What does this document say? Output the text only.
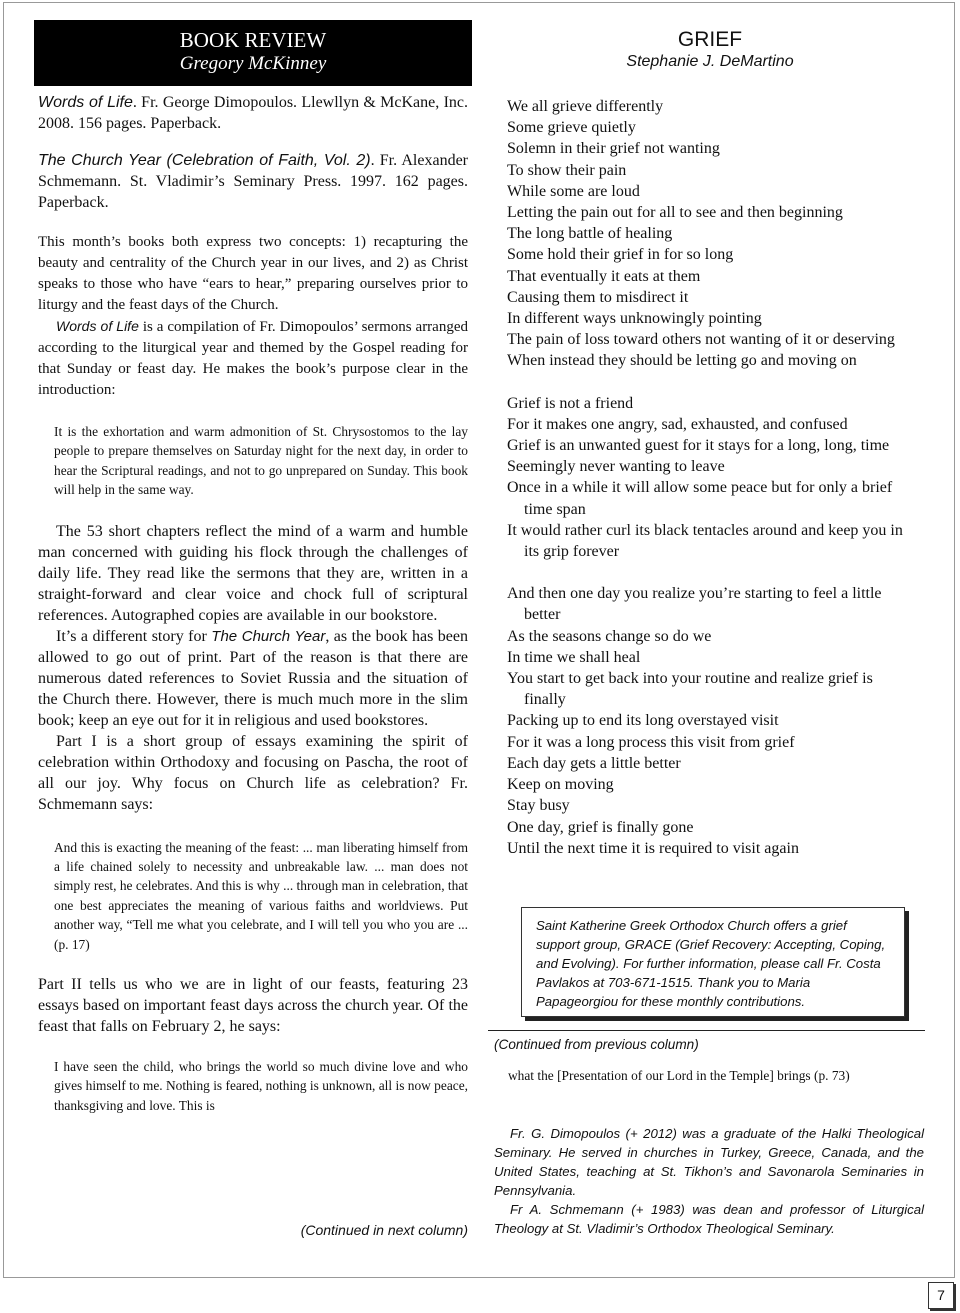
BOOK REVIEW
Gregory McKinney

Words of Life. Fr. George Dimopoulos. Llewllyn & McKane, Inc. 2008. 156 pages. Paperback.

The Church Year (Celebration of Faith, Vol. 2). Fr. Alexander Schmemann. St. Vladimir’s Seminary Press. 1997. 162 pages. Paperback.

This month’s books both express two concepts: 1) recapturing the beauty and centrality of the Church year in our lives, and 2) as Christ speaks to those who have “ears to hear,” preparing ourselves prior to liturgy and the feast days of the Church.

Words of Life is a compilation of Fr. Dimopoulos’ sermons arranged according to the liturgical year and themed by the Gospel reading for that Sunday or feast day. He makes the book’s purpose clear in the introduction:

It is the exhortation and warm admonition of St. Chrysostomos to the lay people to prepare themselves on Saturday night for the next day, in order to hear the Scriptural readings, and not to go unprepared on Sunday. This book will help in the same way.

The 53 short chapters reflect the mind of a warm and humble man concerned with guiding his flock through the challenges of daily life. They read like the sermons that they are, written in a straight-forward and clear voice and chock full of scriptural references. Autographed copies are available in our bookstore.

It’s a different story for The Church Year, as the book has been allowed to go out of print. Part of the reason is that there are numerous dated references to Soviet Russia and the situation of the Church there. However, there is much much more in the slim book; keep an eye out for it in religious and used bookstores.

Part I is a short group of essays examining the spirit of celebration within Orthodoxy and focusing on Pascha, the root of all our joy. Why focus on Church life as celebration? Fr. Schmemann says:

And this is exacting the meaning of the feast: ... man liberating himself from a life chained solely to necessity and unbreakable law. ... man does not simply rest, he celebrates. And this is why ... through man in celebration, that one best appreciates the meaning of various faiths and worldviews. Put another way, “Tell me what you celebrate, and I will tell you who you are ... (p. 17)

Part II tells us who we are in light of our feasts, featuring 23 essays based on important feast days across the church year. Of the feast that falls on February 2, he says:

I have seen the child, who brings the world so much divine love and who gives himself to me. Nothing is feared, nothing is unknown, all is now peace, thanksgiving and love. This is

(Continued in next column)
GRIEF
Stephanie J. DeMartino
We all grieve differently
Some grieve quietly
Solemn in their grief not wanting
To show their pain
While some are loud
Letting the pain out for all to see and then beginning
The long battle of healing
Some hold their grief in for so long
That eventually it eats at them
Causing them to misdirect it
In different ways unknowingly pointing
The pain of loss toward others not wanting of it or deserving
When instead they should be letting go and moving on
Grief is not a friend
For it makes one angry, sad, exhausted, and confused
Grief is an unwanted guest for it stays for a long, long, time
Seemingly never wanting to leave
Once in a while it will allow some peace but for only a brief time span
It would rather curl its black tentacles around and keep you in its grip forever
And then one day you realize you’re starting to feel a little better
As the seasons change so do we
In time we shall heal
You start to get back into your routine and realize grief is finally
Packing up to end its long overstayed visit
For it was a long process this visit from grief
Each day gets a little better
Keep on moving
Stay busy
One day, grief is finally gone
Until the next time it is required to visit again
Saint Katherine Greek Orthodox Church offers a grief support group, GRACE (Grief Recovery: Accepting, Coping, and Evolving). For further information, please call Fr. Costa Pavlakos at 703-671-1515. Thank you to Maria Papageorgiou for these monthly contributions.
(Continued from previous column)
what the [Presentation of our Lord in the Temple] brings (p. 73)

Fr. G. Dimopoulos (+ 2012) was a graduate of the Halki Theological Seminary. He served in churches in Turkey, Greece, Canada, and the United States, teaching at St. Tikhon’s and Savonarola Seminaries in Pennsylvania.

Fr A. Schmemann (+ 1983) was dean and professor of Liturgical Theology at St. Vladimir’s Orthodox Theological Seminary.

7
